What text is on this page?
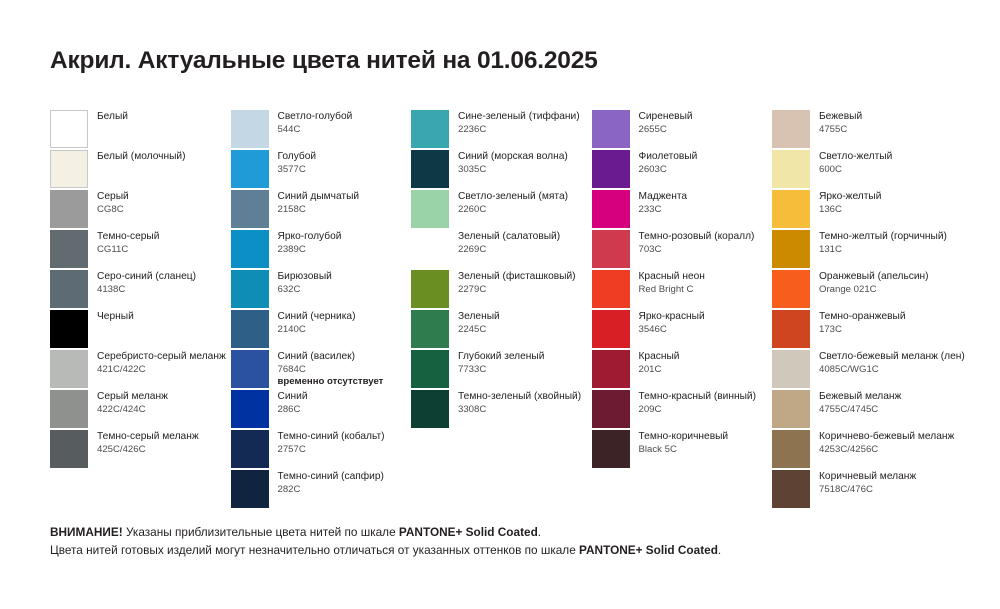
Акрил. Актуальные цвета нитей на 01.06.2025
Белый
Белый (молочный)
Серый
CG8C
Темно-серый
CG11C
Серо-синий (сланец)
4138C
Черный
Серебристо-серый меланж
421C/422C
Серый меланж
422C/424C
Темно-серый меланж
425C/426C
Светло-голубой
544C
Голубой
3577C
Синий дымчатый
2158C
Ярко-голубой
2389C
Бирюзовый
632C
Синий (черника)
2140C
Синий (василек)
7684C
временно отсутствует
Синий
286C
Темно-синий (кобальт)
2757C
Темно-синий (сапфир)
282C
Сине-зеленый (тиффани)
2236C
Синий (морская волна)
3035C
Светло-зеленый (мята)
2260C
Зеленый (салатовый)
2269C
Зеленый (фисташковый)
2279C
Зеленый
2245C
Глубокий зеленый
7733C
Темно-зеленый (хвойный)
3308C
Сиреневый
2655C
Фиолетовый
2603C
Маджента
233C
Темно-розовый (коралл)
703C
Красный неон
Red Bright C
Ярко-красный
3546C
Красный
201C
Темно-красный (винный)
209C
Темно-коричневый
Black 5C
Бежевый
4755C
Светло-желтый
600C
Ярко-желтый
136C
Темно-желтый (горчичный)
131C
Оранжевый (апельсин)
Orange 021C
Темно-оранжевый
173C
Светло-бежевый меланж (лен)
4085C/WG1C
Бежевый меланж
4755C/4745C
Коричнево-бежевый меланж
4253C/4256C
Коричневый меланж
7518C/476C
ВНИМАНИЕ! Указаны приблизительные цвета нитей по шкале PANTONE+ Solid Coated.
Цвета нитей готовых изделий могут незначительно отличаться от указанных оттенков по шкале PANTONE+ Solid Coated.
